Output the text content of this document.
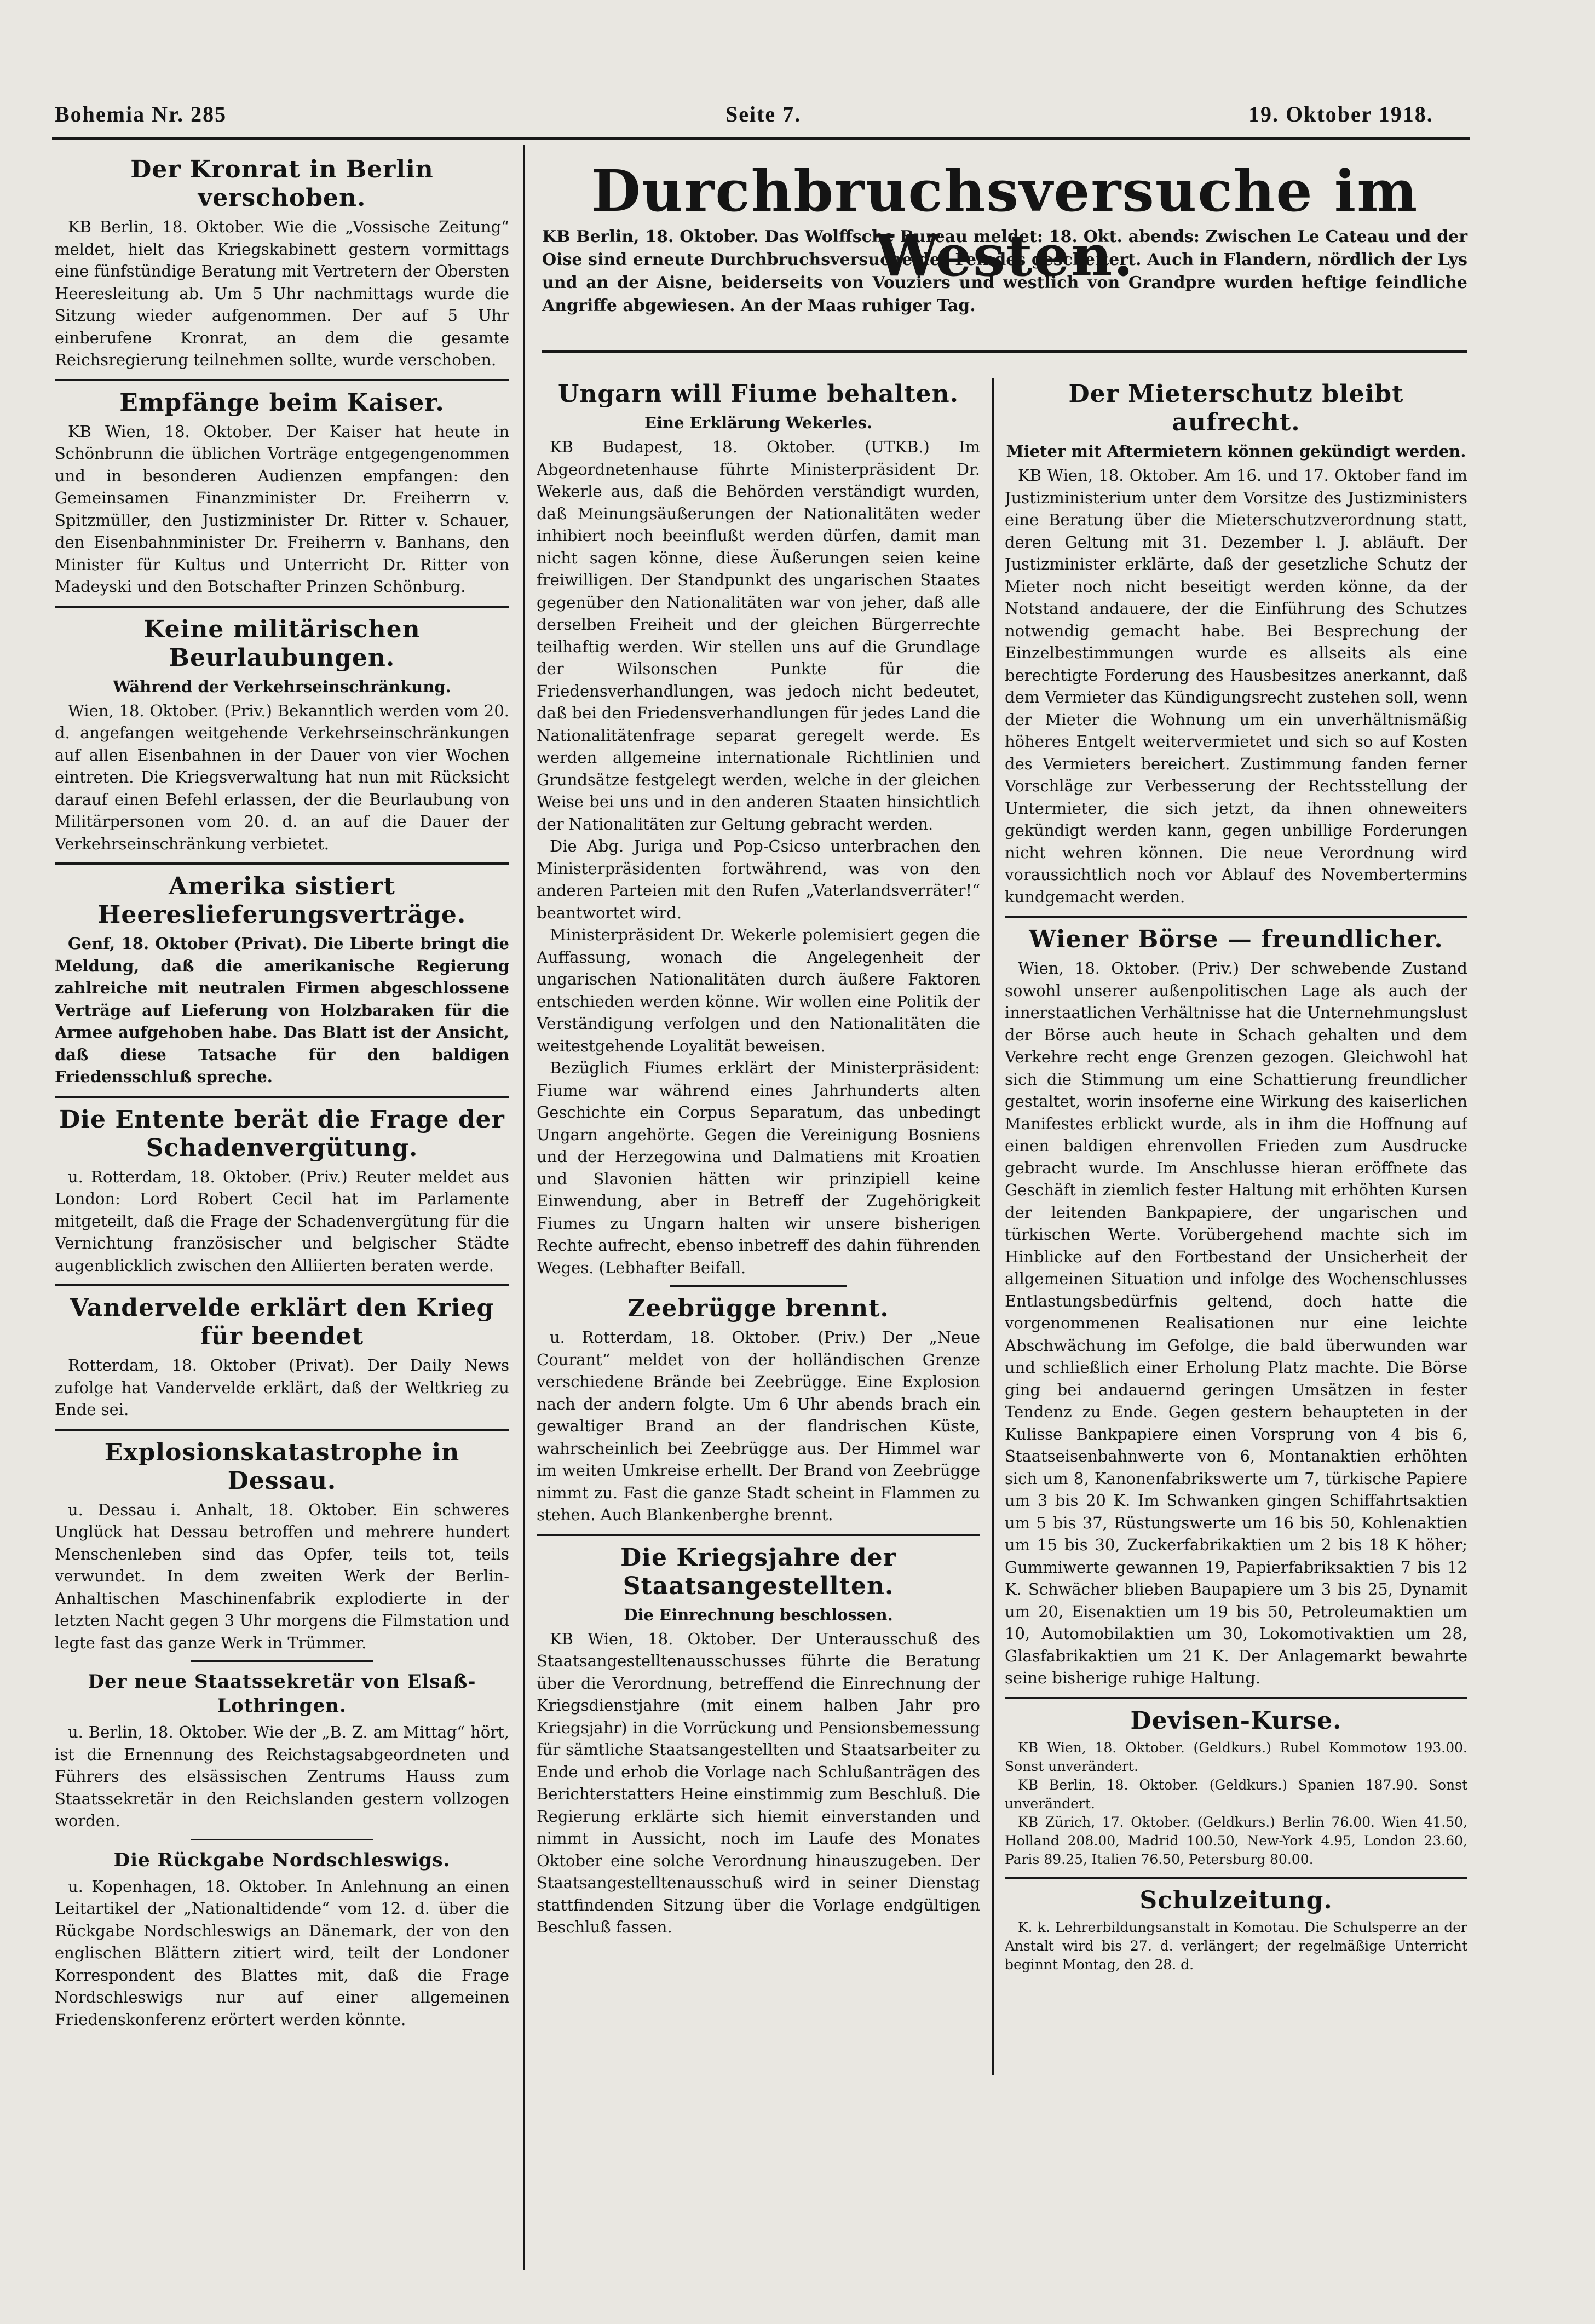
Bohemia Nr. 285	Seite 7.	19. Oktober 1918.
Durchbruchsversuche im Westen.

KB Berlin, 18. Oktober. Das Wolffsche Bureau meldet: 18. Okt. abends: Zwischen Le Cateau und der Oise sind erneute Durchbruchsversuche des Feindes gescheitert. Auch in Flandern, nördlich der Lys und an der Aisne, beiderseits von Vouziers und westlich von Grandpre wurden heftige feindliche Angriffe abgewiesen. An der Maas ruhiger Tag.

Der Kronrat in Berlin verschoben.

KB Berlin, 18. Oktober. Wie die „Vossische Zeitung“ meldet, hielt das Kriegskabinett gestern vormittags eine fünfstündige Beratung mit Vertretern der Obersten Heeresleitung ab. Um 5 Uhr nachmittags wurde die Sitzung wieder aufgenommen. Der auf 5 Uhr einberufene Kronrat, an dem die gesamte Reichsregierung teilnehmen sollte, wurde verschoben.

Empfänge beim Kaiser.

KB Wien, 18. Oktober. Der Kaiser hat heute in Schönbrunn die üblichen Vorträge entgegengenommen und in besonderen Audienzen empfangen: den Gemeinsamen Finanzminister Dr. Freiherrn v. Spitzmüller, den Justizminister Dr. Ritter v. Schauer, den Eisenbahnminister Dr. Freiherrn v. Banhans, den Minister für Kultus und Unterricht Dr. Ritter von Madeyski und den Botschafter Prinzen Schönburg.

Keine militärischen Beurlaubungen.
Während der Verkehrseinschränkung.

Wien, 18. Oktober. (Priv.) Bekanntlich werden vom 20. d. angefangen weitgehende Verkehrseinschränkungen auf allen Eisenbahnen in der Dauer von vier Wochen eintreten. Die Kriegsverwaltung hat nun mit Rücksicht darauf einen Befehl erlassen, der die Beurlaubung von Militärpersonen vom 20. d. an auf die Dauer der Verkehrseinschränkung verbietet.

Amerika sistiert Heereslieferungsverträge.

Genf, 18. Oktober (Privat). Die Liberte bringt die Meldung, daß die amerikanische Regierung zahlreiche mit neutralen Firmen abgeschlossene Verträge auf Lieferung von Holzbaraken für die Armee aufgehoben habe. Das Blatt ist der Ansicht, daß diese Tatsache für den baldigen Friedensschluß spreche.

Die Entente berät die Frage der Schadenvergütung.

u. Rotterdam, 18. Oktober. (Priv.) Reuter meldet aus London: Lord Robert Cecil hat im Parlamente mitgeteilt, daß die Frage der Schadenvergütung für die Vernichtung französischer und belgischer Städte augenblicklich zwischen den Alliierten beraten werde.

Vandervelde erklärt den Krieg für beendet

Rotterdam, 18. Oktober (Privat). Der Daily News zufolge hat Vandervelde erklärt, daß der Weltkrieg zu Ende sei.

Explosionskatastrophe in Dessau.

u. Dessau i. Anhalt, 18. Oktober. Ein schweres Unglück hat Dessau betroffen und mehrere hundert Menschenleben sind das Opfer, teils tot, teils verwundet. In dem zweiten Werk der Berlin-Anhaltischen Maschinenfabrik explodierte in der letzten Nacht gegen 3 Uhr morgens die Filmstation und legte fast das ganze Werk in Trümmer.

Der neue Staatssekretär von Elsaß-Lothringen.

u. Berlin, 18. Oktober. Wie der „B. Z. am Mittag“ hört, ist die Ernennung des Reichstagsabgeordneten und Führers des elsässischen Zentrums Hauss zum Staatssekretär in den Reichslanden gestern vollzogen worden.

Die Rückgabe Nordschleswigs.

u. Kopenhagen, 18. Oktober. In Anlehnung an einen Leitartikel der „Nationaltidende“ vom 12. d. über die Rückgabe Nordschleswigs an Dänemark, der von den englischen Blättern zitiert wird, teilt der Londoner Korrespondent des Blattes mit, daß die Frage Nordschleswigs nur auf einer allgemeinen Friedenskonferenz erörtert werden könnte.

Ungarn will Fiume behalten.
Eine Erklärung Wekerles.

KB Budapest, 18. Oktober. (UTKB.) Im Abgeordnetenhause führte Ministerpräsident Dr. Wekerle aus, daß die Behörden verständigt wurden, daß Meinungsäußerungen der Nationalitäten weder inhibiert noch beeinflußt werden dürfen, damit man nicht sagen könne, diese Äußerungen seien keine freiwilligen. Der Standpunkt des ungarischen Staates gegenüber den Nationalitäten war von jeher, daß alle derselben Freiheit und der gleichen Bürgerrechte teilhaftig werden. Wir stellen uns auf die Grundlage der Wilsonschen Punkte für die Friedensverhandlungen, was jedoch nicht bedeutet, daß bei den Friedensverhandlungen für jedes Land die Nationalitätenfrage separat geregelt werde. Es werden allgemeine internationale Richtlinien und Grundsätze festgelegt werden, welche in der gleichen Weise bei uns und in den anderen Staaten hinsichtlich der Nationalitäten zur Geltung gebracht werden.

Die Abg. Juriga und Pop-Csicso unterbrachen den Ministerpräsidenten fortwährend, was von den anderen Parteien mit den Rufen „Vaterlandsverräter!“ beantwortet wird.

Ministerpräsident Dr. Wekerle polemisiert gegen die Auffassung, wonach die Angelegenheit der ungarischen Nationalitäten durch äußere Faktoren entschieden werden könne. Wir wollen eine Politik der Verständigung verfolgen und den Nationalitäten die weitestgehende Loyalität beweisen.

Bezüglich Fiumes erklärt der Ministerpräsident: Fiume war während eines Jahrhunderts alten Geschichte ein Corpus Separatum, das unbedingt Ungarn angehörte. Gegen die Vereinigung Bosniens und der Herzegowina und Dalmatiens mit Kroatien und Slavonien hätten wir prinzipiell keine Einwendung, aber in Betreff der Zugehörigkeit Fiumes zu Ungarn halten wir unsere bisherigen Rechte aufrecht, ebenso inbetreff des dahin führenden Weges. (Lebhafter Beifall.

Zeebrügge brennt.

u. Rotterdam, 18. Oktober. (Priv.) Der „Neue Courant“ meldet von der holländischen Grenze verschiedene Brände bei Zeebrügge. Eine Explosion nach der andern folgte. Um 6 Uhr abends brach ein gewaltiger Brand an der flandrischen Küste, wahrscheinlich bei Zeebrügge aus. Der Himmel war im weiten Umkreise erhellt. Der Brand von Zeebrügge nimmt zu. Fast die ganze Stadt scheint in Flammen zu stehen. Auch Blankenberghe brennt.

Die Kriegsjahre der Staatsangestellten.
Die Einrechnung beschlossen.

KB Wien, 18. Oktober. Der Unterausschuß des Staatsangestelltenausschusses führte die Beratung über die Verordnung, betreffend die Einrechnung der Kriegsdienstjahre (mit einem halben Jahr pro Kriegsjahr) in die Vorrückung und Pensionsbemessung für sämtliche Staatsangestellten und Staatsarbeiter zu Ende und erhob die Vorlage nach Schlußanträgen des Berichterstatters Heine einstimmig zum Beschluß. Die Regierung erklärte sich hiemit einverstanden und nimmt in Aussicht, noch im Laufe des Monates Oktober eine solche Verordnung hinauszugeben. Der Staatsangestelltenausschuß wird in seiner Dienstag stattfindenden Sitzung über die Vorlage endgültigen Beschluß fassen.

Der Mieterschutz bleibt aufrecht.
Mieter mit Aftermietern können gekündigt werden.

KB Wien, 18. Oktober. Am 16. und 17. Oktober fand im Justizministerium unter dem Vorsitze des Justizministers eine Beratung über die Mieterschutzverordnung statt, deren Geltung mit 31. Dezember l. J. abläuft. Der Justizminister erklärte, daß der gesetzliche Schutz der Mieter noch nicht beseitigt werden könne, da der Notstand andauere, der die Einführung des Schutzes notwendig gemacht habe. Bei Besprechung der Einzelbestimmungen wurde es allseits als eine berechtigte Forderung des Hausbesitzes anerkannt, daß dem Vermieter das Kündigungsrecht zustehen soll, wenn der Mieter die Wohnung um ein unverhältnismäßig höheres Entgelt weitervermietet und sich so auf Kosten des Vermieters bereichert. Zustimmung fanden ferner Vorschläge zur Verbesserung der Rechtsstellung der Untermieter, die sich jetzt, da ihnen ohneweiters gekündigt werden kann, gegen unbillige Forderungen nicht wehren können. Die neue Verordnung wird voraussichtlich noch vor Ablauf des Novembertermins kundgemacht werden.

Wiener Börse — freundlicher.

Wien, 18. Oktober. (Priv.) Der schwebende Zustand sowohl unserer außenpolitischen Lage als auch der innerstaatlichen Verhältnisse hat die Unternehmungslust der Börse auch heute in Schach gehalten und dem Verkehre recht enge Grenzen gezogen. Gleichwohl hat sich die Stimmung um eine Schattierung freundlicher gestaltet, worin insoferne eine Wirkung des kaiserlichen Manifestes erblickt wurde, als in ihm die Hoffnung auf einen baldigen ehrenvollen Frieden zum Ausdrucke gebracht wurde. Im Anschlusse hieran eröffnete das Geschäft in ziemlich fester Haltung mit erhöhten Kursen der leitenden Bankpapiere, der ungarischen und türkischen Werte. Vorübergehend machte sich im Hinblicke auf den Fortbestand der Unsicherheit der allgemeinen Situation und infolge des Wochenschlusses Entlastungsbedürfnis geltend, doch hatte die vorgenommenen Realisationen nur eine leichte Abschwächung im Gefolge, die bald überwunden war und schließlich einer Erholung Platz machte. Die Börse ging bei andauernd geringen Umsätzen in fester Tendenz zu Ende. Gegen gestern behaupteten in der Kulisse Bankpapiere einen Vorsprung von 4 bis 6, Staatseisenbahnwerte von 6, Montanaktien erhöhten sich um 8, Kanonenfabrikswerte um 7, türkische Papiere um 3 bis 20 K. Im Schwanken gingen Schiffahrtsaktien um 5 bis 37, Rüstungswerte um 16 bis 50, Kohlenaktien um 15 bis 30, Zuckerfabrikaktien um 2 bis 18 K höher; Gummiwerte gewannen 19, Papierfabriksaktien 7 bis 12 K. Schwächer blieben Baupapiere um 3 bis 25, Dynamit um 20, Eisenaktien um 19 bis 50, Petroleumaktien um 10, Automobilaktien um 30, Lokomotivaktien um 28, Glasfabrikaktien um 21 K. Der Anlagemarkt bewahrte seine bisherige ruhige Haltung.

Devisen-Kurse.

KB Wien, 18. Oktober. (Geldkurs.) Rubel Kommotow 193.00. Sonst unverändert.

KB Berlin, 18. Oktober. (Geldkurs.) Spanien 187.90. Sonst unverändert.

KB Zürich, 17. Oktober. (Geldkurs.) Berlin 76.00. Wien 41.50, Holland 208.00, Madrid 100.50, New-York 4.95, London 23.60, Paris 89.25, Italien 76.50, Petersburg 80.00.

Schulzeitung.

K. k. Lehrerbildungsanstalt in Komotau. Die Schulsperre an der Anstalt wird bis 27. d. verlängert; der regelmäßige Unterricht beginnt Montag, den 28. d.
